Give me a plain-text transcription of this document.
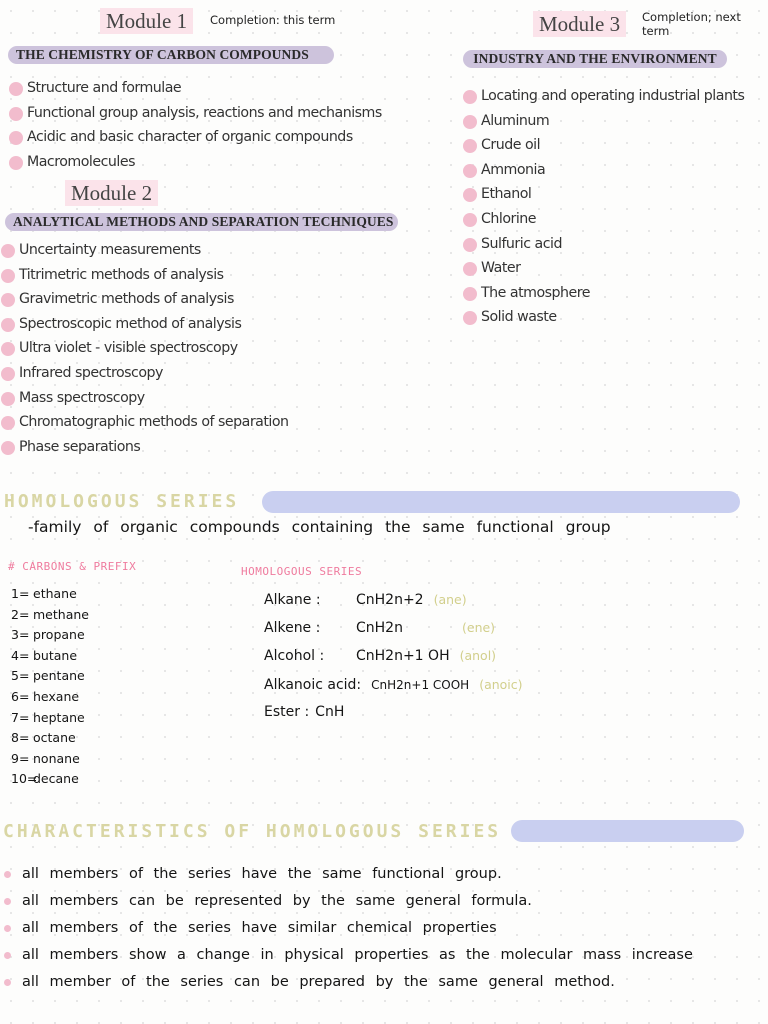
Module 1	Completion: this term
THE CHEMISTRY OF CARBON COMPOUNDS
Structure and formulae
Functional group analysis, reactions and mechanisms
Acidic and basic character of organic compounds
Macromolecules
Module 2
ANALYTICAL METHODS AND SEPARATION TECHNIQUES
Uncertainty measurements
Titrimetric methods of analysis
Gravimetric methods of analysis
Spectroscopic method of analysis
Ultra violet - visible spectroscopy
Infrared spectroscopy
Mass spectroscopy
Chromatographic methods of separation
Phase separations
Module 3	Completion; next term
INDUSTRY AND THE ENVIRONMENT
Locating and operating industrial plants
Aluminum
Crude oil
Ammonia
Ethanol
Chlorine
Sulfuric acid
Water
The atmosphere
Solid waste
HOMOLOGOUS SERIES
-family of organic compounds containing the same functional group
# CARBONS & PREFIX
1= ethane
2= methane
3= propane
4= butane
5= pentane
6= hexane
7= heptane
8= octane
9= nonane
10=decane
HOMOLOGOUS SERIES
Alkane :	CnH2n+2 (ane)
Alkene :	CnH2n	(ene)
Alcohol : CnH2n+1 OH (anol)
Alkanoic acid: CnH2n+1 COOH (anoic)
Ester : CnH
CHARACTERISTICS OF HOMOLOGOUS SERIES
all members of the series have the same functional group.
all members can be represented by the same general formula.
all members of the series have similar chemical properties
all members show a change in physical properties as the molecular mass increase
all member of the series can be prepared by the same general method.
